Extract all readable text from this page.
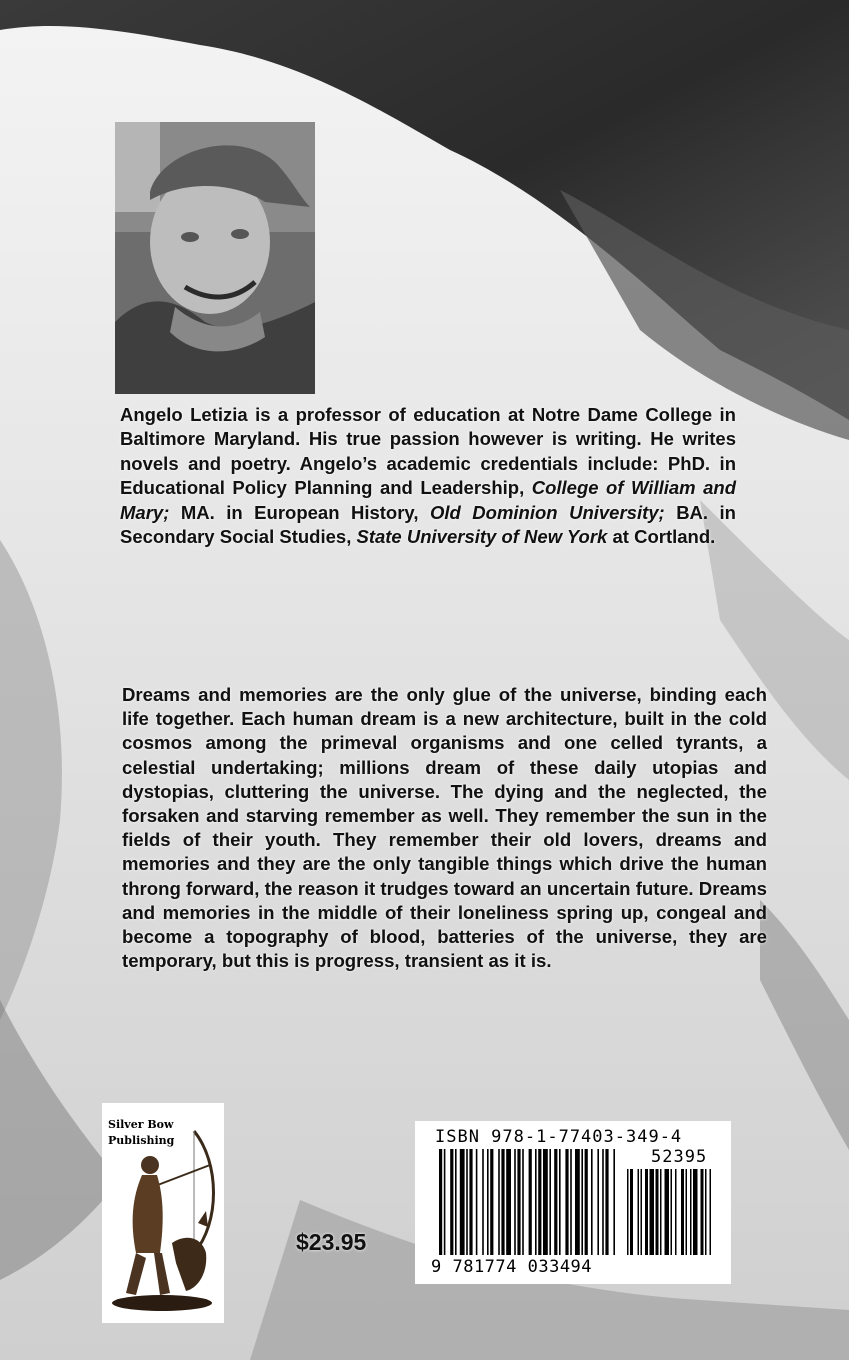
Angelo Letizia is a professor of education at Notre Dame College in Baltimore Maryland. His true passion however is writing. He writes novels and poetry. Angelo’s academic credentials include: PhD. in Educational Policy Planning and Leadership, College of William and Mary; MA. in European History, Old Dominion University; BA. in Secondary Social Studies, State University of New York at Cortland.

Dreams and memories are the only glue of the universe, binding each life together. Each human dream is a new architecture, built in the cold cosmos among the primeval organisms and one celled tyrants, a celestial undertaking; millions dream of these daily utopias and dystopias, cluttering the universe. The dying and the neglected, the forsaken and starving remember as well. They remember the sun in the fields of their youth. They remember their old lovers, dreams and memories and they are the only tangible things which drive the human throng forward, the reason it trudges toward an uncertain future. Dreams and memories in the middle of their loneliness spring up, congeal and become a topography of blood, batteries of the universe, they are temporary, but this is progress, transient as it is.

Silver Bow Publishing
$23.95
ISBN 978-1-77403-349-4
52395
9 781774 033494
